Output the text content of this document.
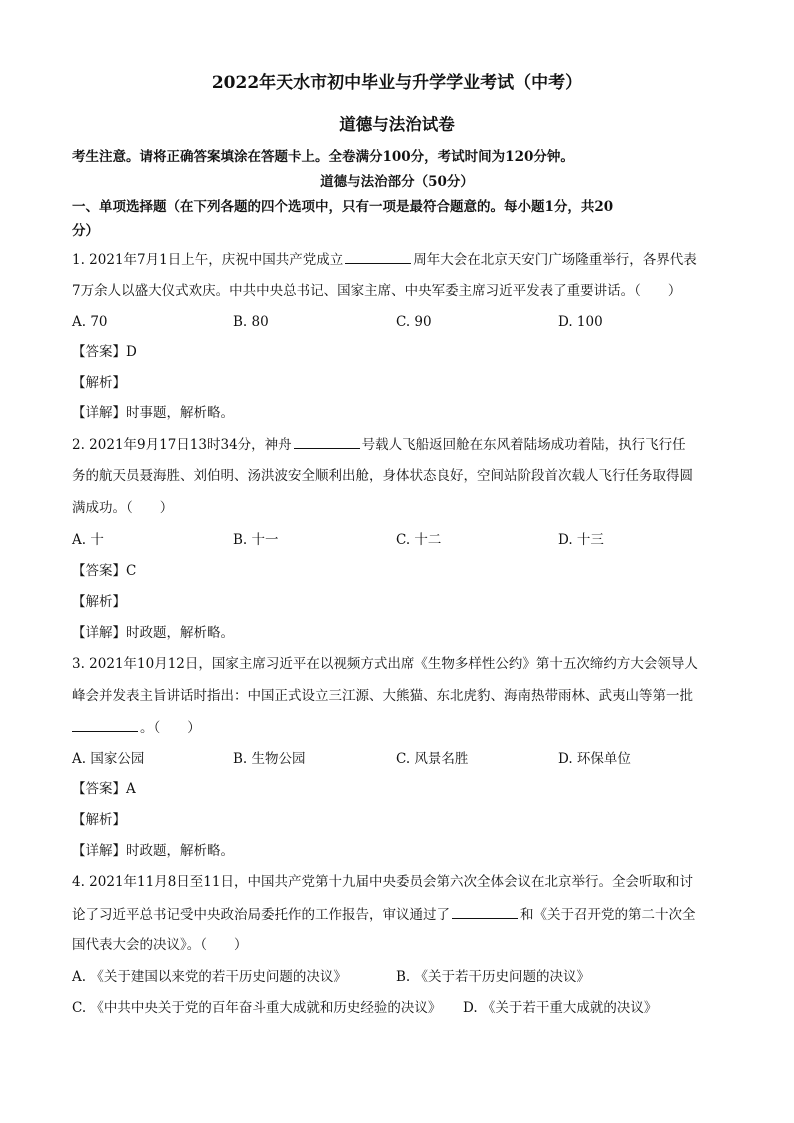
2022年天水市初中毕业与升学学业考试（中考）
道德与法治试卷
考生注意。请将正确答案填涂在答题卡上。全卷满分100分，考试时间为120分钟。
道德与法治部分（50分）
一、单项选择题（在下列各题的四个选项中，只有一项是最符合题意的。每小题1分，共20
分）
1. 2021年7月1日上午，庆祝中国共产党成立	周年大会在北京天安门广场隆重举行，各界代表
7万余人以盛大仪式欢庆。中共中央总书记、国家主席、中央军委主席习近平发表了重要讲话。（　　）
A. 70	B. 80	C. 90	D. 100
【答案】D
【解析】
【详解】时事题，解析略。
2. 2021年9月17日13时34分，神舟	号载人飞船返回舱在东风着陆场成功着陆，执行飞行任
务的航天员聂海胜、刘伯明、汤洪波安全顺利出舱，身体状态良好，空间站阶段首次载人飞行任务取得圆
满成功。（　　）
A. 十	B. 十一	C. 十二	D. 十三
【答案】C
【解析】
【详解】时政题，解析略。
3. 2021年10月12日，国家主席习近平在以视频方式出席《生物多样性公约》第十五次缔约方大会领导人
峰会并发表主旨讲话时指出：中国正式设立三江源、大熊猫、东北虎豹、海南热带雨林、武夷山等第一批
。（　　）
A. 国家公园	B. 生物公园	C. 风景名胜	D. 环保单位
【答案】A
【解析】
【详解】时政题，解析略。
4. 2021年11月8日至11日，中国共产党第十九届中央委员会第六次全体会议在北京举行。全会听取和讨
论了习近平总书记受中央政治局委托作的工作报告，审议通过了	和《关于召开党的第二十次全
国代表大会的决议》。（　　）
A. 《关于建国以来党的若干历史问题的决议》	B. 《关于若干历史问题的决议》
C. 《中共中央关于党的百年奋斗重大成就和历史经验的决议》 D. 《关于若干重大成就的决议》
